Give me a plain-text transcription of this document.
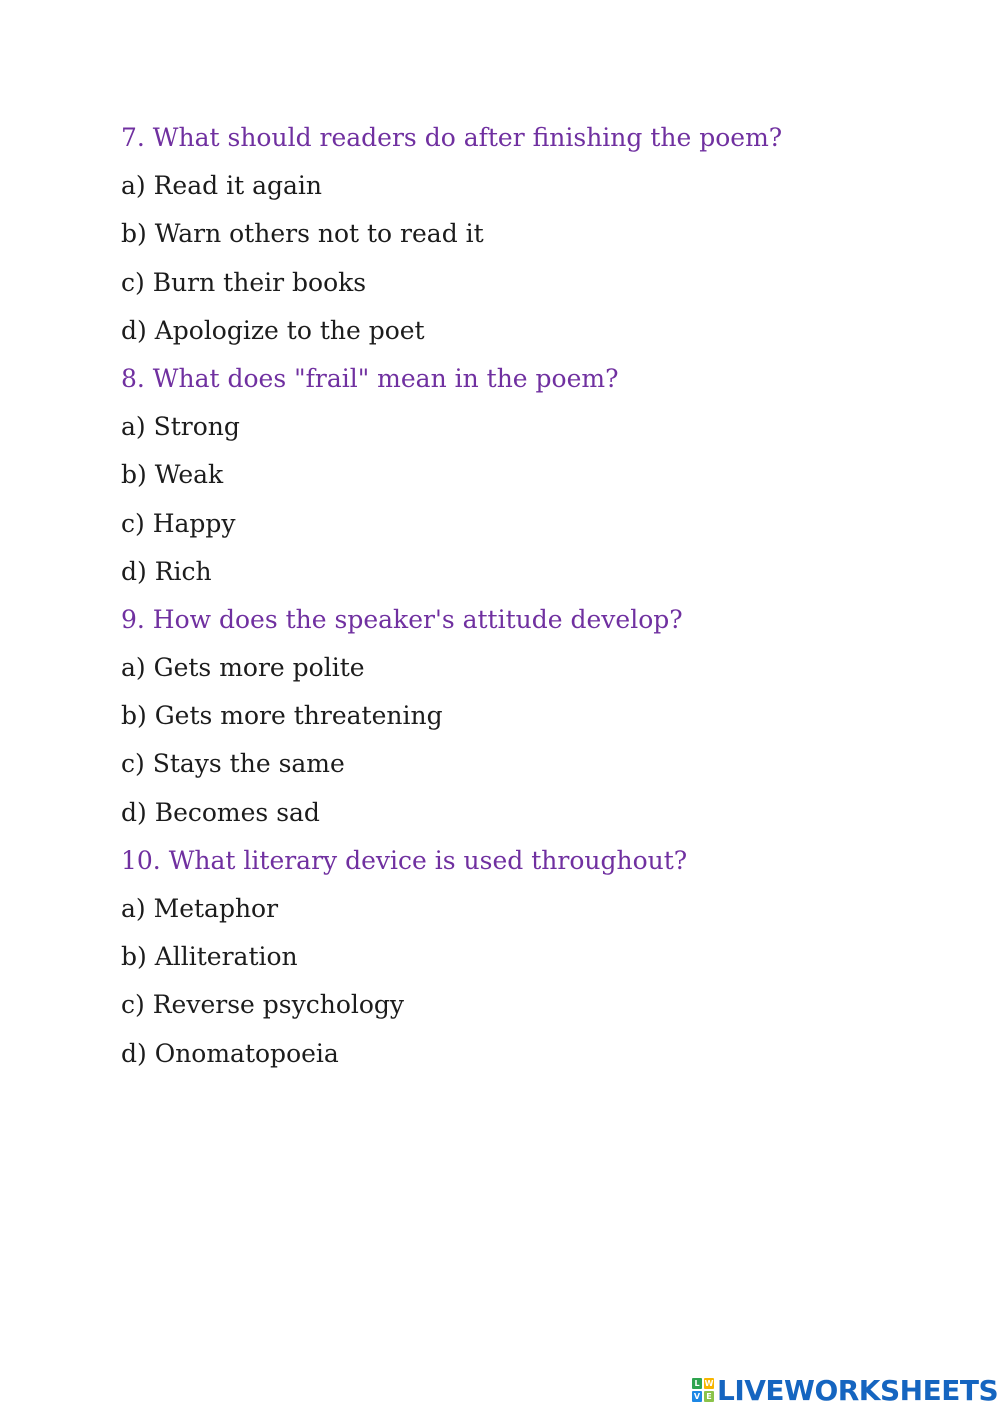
7. What should readers do after finishing the poem?
a) Read it again
b) Warn others not to read it
c) Burn their books
d) Apologize to the poet
8. What does "frail" mean in the poem?
a) Strong
b) Weak
c) Happy
d) Rich
9. How does the speaker's attitude develop?
a) Gets more polite
b) Gets more threatening
c) Stays the same
d) Becomes sad
10. What literary device is used throughout?
a) Metaphor
b) Alliteration
c) Reverse psychology
d) Onomatopoeia
L W
V E LIVEWORKSHEETS
